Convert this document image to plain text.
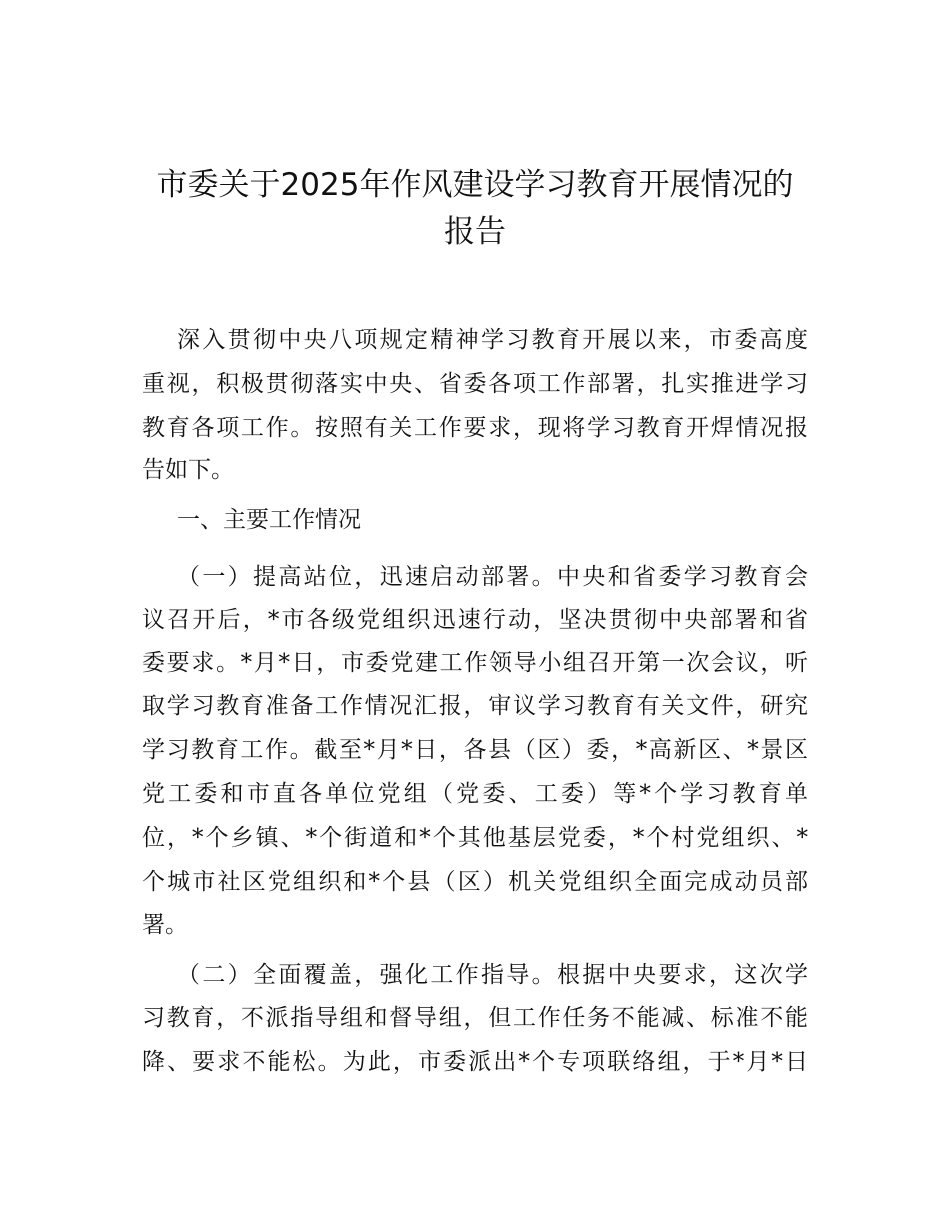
市委关于2025年作风建设学习教育开展情况的
报告
深入贯彻中央八项规定精神学习教育开展以来，市委高度
重视，积极贯彻落实中央、省委各项工作部署，扎实推进学习
教育各项工作。按照有关工作要求，现将学习教育开焊情况报
告如下。
一、主要工作情况
（一）提高站位，迅速启动部署。中央和省委学习教育会
议召开后，*市各级党组织迅速行动，坚决贯彻中央部署和省
委要求。*月*日，市委党建工作领导小组召开第一次会议，听
取学习教育准备工作情况汇报，审议学习教育有关文件，研究
学习教育工作。截至*月*日，各县（区）委，*高新区、*景区
党工委和市直各单位党组（党委、工委）等*个学习教育单
位，*个乡镇、*个街道和*个其他基层党委，*个村党组织、*
个城市社区党组织和*个县（区）机关党组织全面完成动员部
署。
（二）全面覆盖，强化工作指导。根据中央要求，这次学
习教育，不派指导组和督导组，但工作任务不能减、标准不能
降、要求不能松。为此，市委派出*个专项联络组，于*月*日
